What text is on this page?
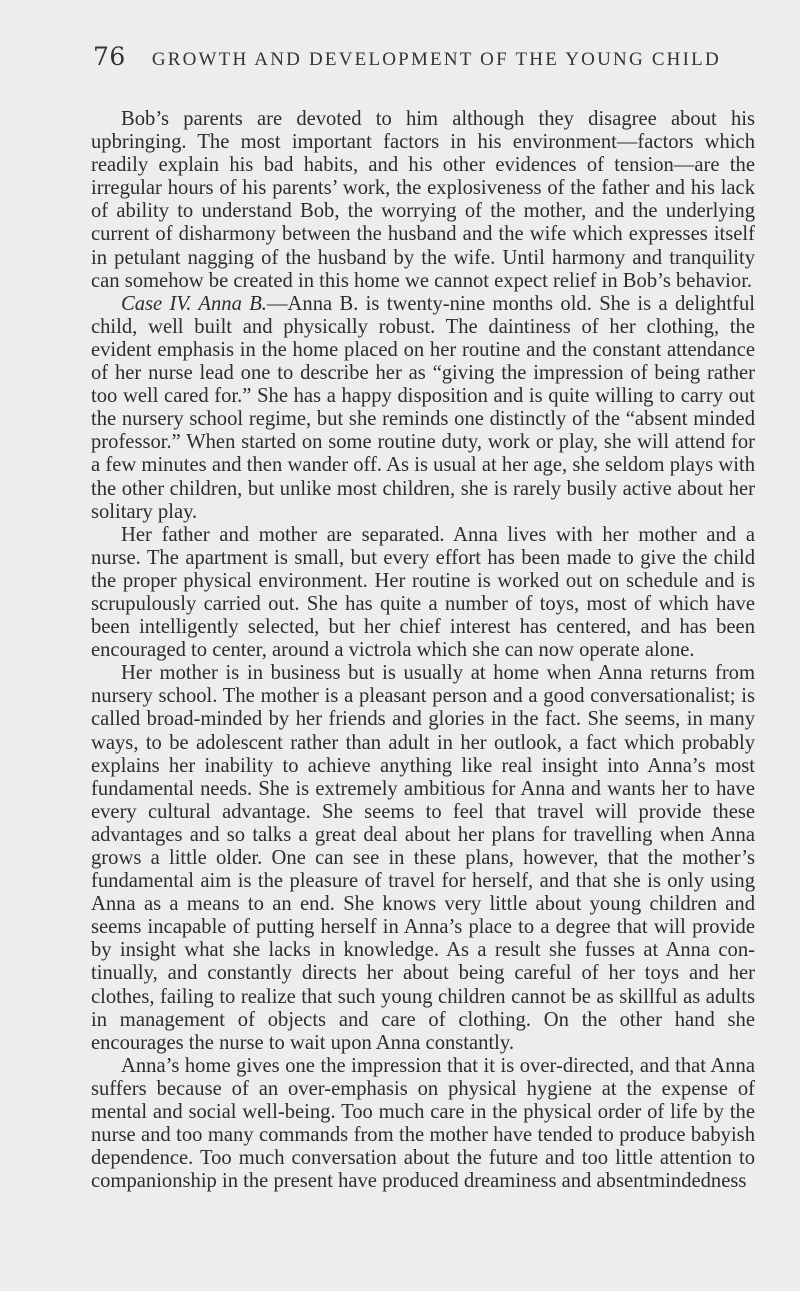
76 GROWTH AND DEVELOPMENT OF THE YOUNG CHILD

Bob’s parents are devoted to him although they disagree about his upbringing. The most important factors in his environment—factors which readily explain his bad habits, and his other evidences of tension—are the irregular hours of his parents’ work, the explosiveness of the father and his lack of ability to understand Bob, the worrying of the mother, and the underlying current of disharmony between the husband and the wife which expresses itself in petulant nagging of the husband by the wife. Until harmony and tranquility can somehow be created in this home we cannot expect relief in Bob’s behavior.

Case IV. Anna B.—Anna B. is twenty-nine months old. She is a delightful child, well built and physically robust. The daintiness of her clothing, the evident emphasis in the home placed on her routine and the constant attendance of her nurse lead one to describe her as “giving the impression of being rather too well cared for.” She has a happy disposition and is quite willing to carry out the nursery school regime, but she reminds one distinctly of the “absent minded professor.” When started on some routine duty, work or play, she will attend for a few minutes and then wander off. As is usual at her age, she seldom plays with the other children, but unlike most children, she is rarely busily active about her solitary play.

Her father and mother are separated. Anna lives with her mother and a nurse. The apartment is small, but every effort has been made to give the child the proper physical environment. Her routine is worked out on schedule and is scrupulously carried out. She has quite a number of toys, most of which have been intelligently selected, but her chief interest has centered, and has been encouraged to center, around a victrola which she can now operate alone.

Her mother is in business but is usually at home when Anna returns from nursery school. The mother is a pleasant person and a good conversationalist; is called broad-minded by her friends and glories in the fact. She seems, in many ways, to be adolescent rather than adult in her outlook, a fact which probably explains her inability to achieve anything like real insight into Anna’s most fundamental needs. She is extremely ambitious for Anna and wants her to have every cultural advantage. She seems to feel that travel will provide these advantages and so talks a great deal about her plans for travelling when Anna grows a little older. One can see in these plans, however, that the mother’s fundamental aim is the pleasure of travel for herself, and that she is only using Anna as a means to an end. She knows very little about young children and seems incapable of putting herself in Anna’s place to a degree that will provide by insight what she lacks in knowledge. As a result she fusses at Anna continually, and constantly directs her about being careful of her toys and her clothes, failing to realize that such young children cannot be as skillful as adults in management of objects and care of clothing. On the other hand she encourages the nurse to wait upon Anna constantly.

Anna’s home gives one the impression that it is over-directed, and that Anna suffers because of an over-emphasis on physical hygiene at the expense of mental and social well-being. Too much care in the physical order of life by the nurse and too many commands from the mother have tended to produce babyish dependence. Too much conversation about the future and too little attention to companionship in the present have produced dreaminess and absentmindedness
